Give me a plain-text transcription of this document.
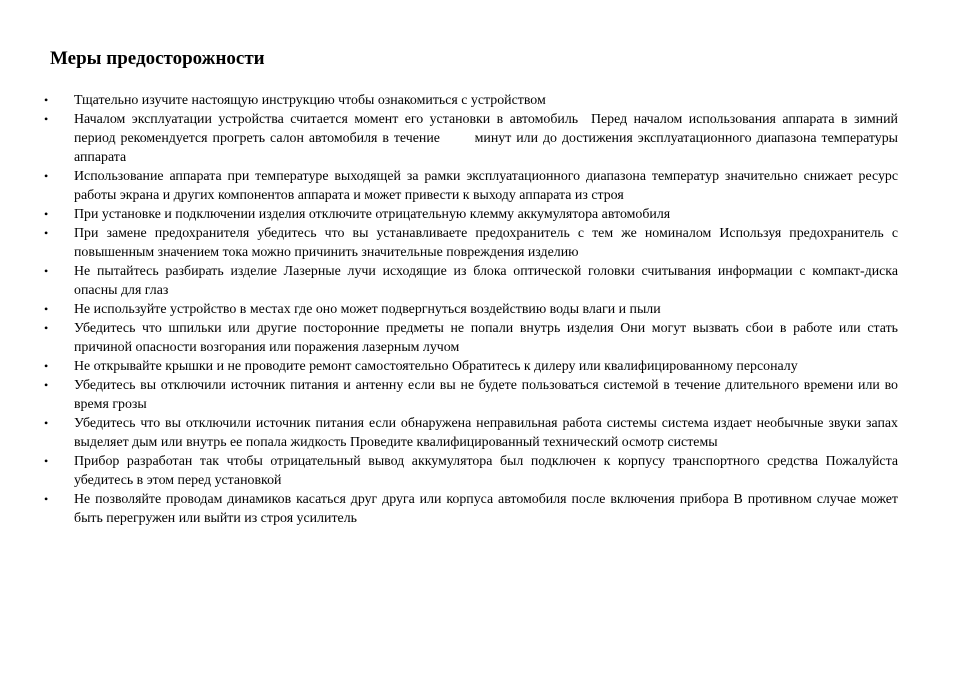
Меры предосторожности
• Тщательно изучите настоящую инструкцию чтобы ознакомиться с устройством
• Началом эксплуатации устройства считается момент его установки в автомобиль  Перед началом использования аппарата в зимний период рекомендуется прогреть салон автомобиля в течение       минут или до достижения эксплуатационного диапазона температуры аппарата
• Использование аппарата при температуре выходящей за рамки эксплуатационного диапазона температур значительно снижает ресурс работы экрана и других компонентов аппарата и может привести к выходу аппарата из строя
• При установке и подключении изделия отключите отрицательную клемму аккумулятора автомобиля
• При замене предохранителя убедитесь что вы устанавливаете предохранитель с тем же номиналом Используя предохранитель с повышенным значением тока можно причинить значительные повреждения изделию
• Не пытайтесь разбирать изделие Лазерные лучи исходящие из блока оптической головки считывания информации с компакт-диска опасны для глаз
• Не используйте устройство в местах где оно может подвергнуться воздействию воды влаги и пыли
• Убедитесь что шпильки или другие посторонние предметы не попали внутрь изделия Они могут вызвать сбои в работе или стать причиной опасности возгорания или поражения лазерным лучом
• Не открывайте крышки и не проводите ремонт самостоятельно Обратитесь к дилеру или квалифицированному персоналу
• Убедитесь вы отключили источник питания и антенну если вы не будете пользоваться системой в течение длительного времени или во время грозы
• Убедитесь что вы отключили источник питания если обнаружена неправильная работа системы система издает необычные звуки запах выделяет дым или внутрь ее попала жидкость Проведите квалифицированный технический осмотр системы
• Прибор разработан так чтобы отрицательный вывод аккумулятора был подключен к корпусу транспортного средства Пожалуйста убедитесь в этом перед установкой
• Не позволяйте проводам динамиков касаться друг друга или корпуса автомобиля после включения прибора В противном случае может быть перегружен или выйти из строя усилитель
